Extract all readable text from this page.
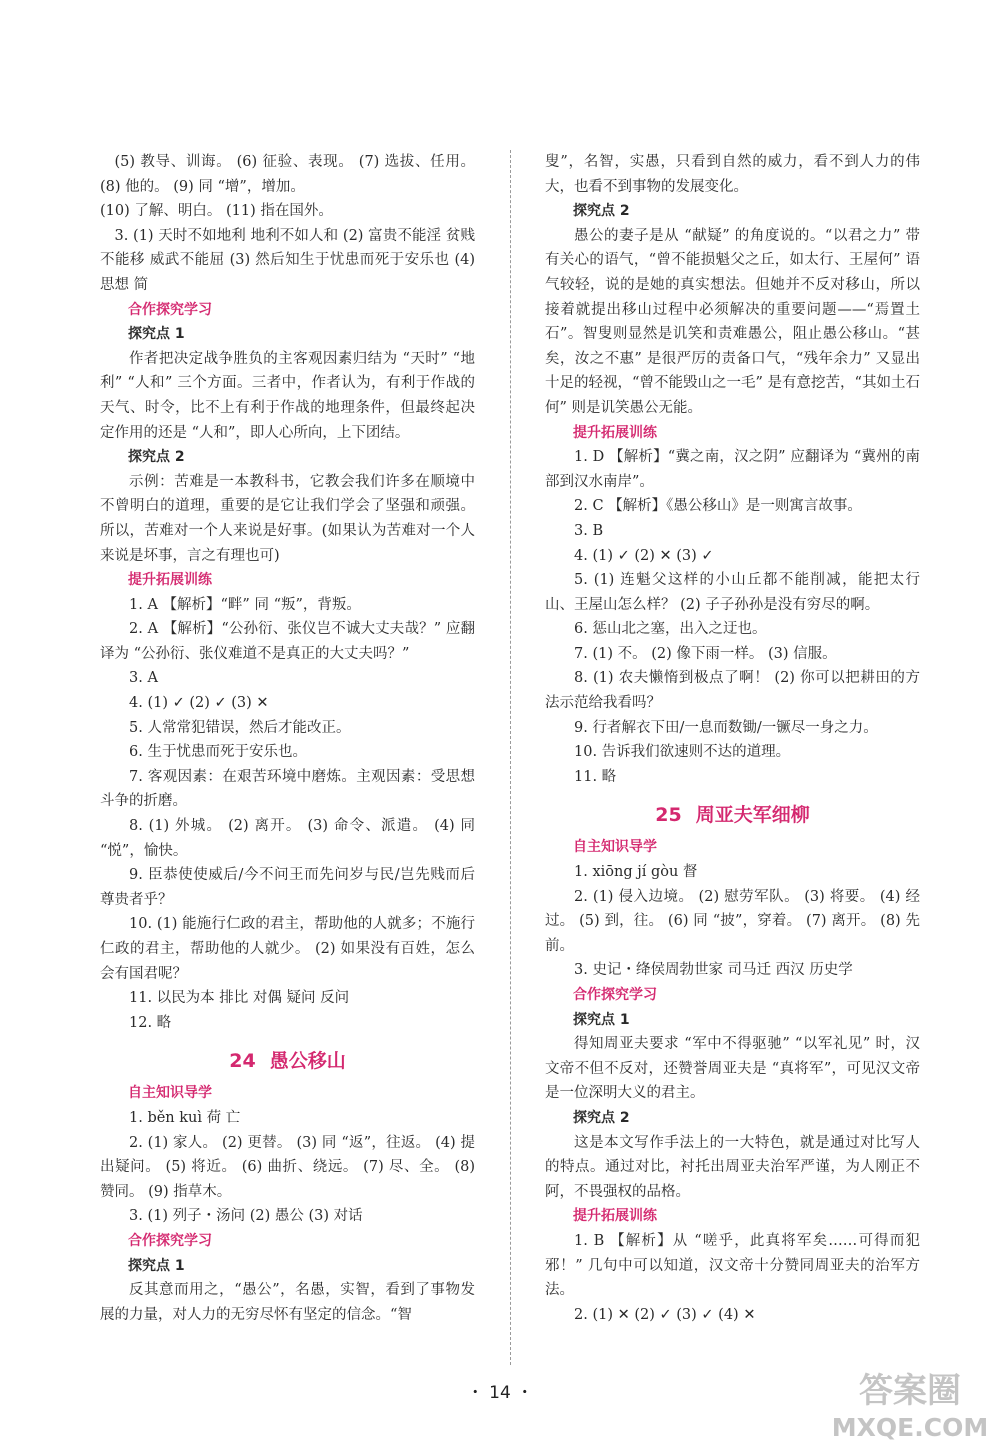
(5) 教导、训诲。 (6) 征验、表现。 (7) 选拔、任用。 (8) 他的。 (9) 同 “增”，增加。

(10) 了解、明白。 (11) 指在国外。

3. (1) 天时不如地利 地利不如人和 (2) 富贵不能淫 贫贱不能移 威武不能屈 (3) 然后知生于忧患而死于安乐也 (4) 思想 简

合作探究学习

探究点 1

作者把决定战争胜负的主客观因素归结为 “天时” “地利” “人和” 三个方面。三者中，作者认为，有利于作战的天气、时令，比不上有利于作战的地理条件，但最终起决定作用的还是 “人和”，即人心所向，上下团结。

探究点 2

示例：苦难是一本教科书，它教会我们许多在顺境中不曾明白的道理，重要的是它让我们学会了坚强和顽强。所以，苦难对一个人来说是好事。(如果认为苦难对一个人来说是坏事，言之有理也可)

提升拓展训练

1. A 【解析】“畔” 同 “叛”，背叛。

2. A 【解析】“公孙衍、张仪岂不诚大丈夫哉？” 应翻译为 “公孙衍、张仪难道不是真正的大丈夫吗？”

3. A

4. (1) ✓ (2) ✓ (3) ✕

5. 人常常犯错误，然后才能改正。

6. 生于忧患而死于安乐也。

7. 客观因素：在艰苦环境中磨炼。主观因素：受思想斗争的折磨。

8. (1) 外城。 (2) 离开。 (3) 命令、派遣。 (4) 同 “悦”，愉快。

9. 臣恭使使威后/今不问王而先问岁与民/岂先贱而后尊贵者乎？

10. (1) 能施行仁政的君主，帮助他的人就多；不施行仁政的君主，帮助他的人就少。 (2) 如果没有百姓，怎么会有国君呢？

11. 以民为本 排比 对偶 疑问 反问

12. 略

24 愚公移山

自主知识导学

1. běn kuì 荷 亡

2. (1) 家人。 (2) 更替。 (3) 同 “返”，往返。 (4) 提出疑问。 (5) 将近。 (6) 曲折、绕远。 (7) 尽、全。 (8) 赞同。 (9) 指草木。

3. (1) 列子・汤问 (2) 愚公 (3) 对话

合作探究学习

探究点 1

反其意而用之，“愚公”，名愚，实智，看到了事物发展的力量，对人力的无穷尽怀有坚定的信念。“智

叟”，名智，实愚，只看到自然的威力，看不到人力的伟大，也看不到事物的发展变化。

探究点 2

愚公的妻子是从 “献疑” 的角度说的。“以君之力” 带有关心的语气，“曾不能损魁父之丘，如太行、王屋何” 语气较轻，说的是她的真实想法。但她并不反对移山，所以接着就提出移山过程中必须解决的重要问题——“焉置土石”。智叟则显然是讥笑和责难愚公，阻止愚公移山。“甚矣，汝之不惠” 是很严厉的责备口气，“残年余力” 又显出十足的轻视，“曾不能毁山之一毛” 是有意挖苦，“其如土石何” 则是讥笑愚公无能。

提升拓展训练

1. D 【解析】“冀之南，汉之阴” 应翻译为 “冀州的南部到汉水南岸”。

2. C 【解析】《愚公移山》是一则寓言故事。

3. B

4. (1) ✓ (2) ✕ (3) ✓

5. (1) 连魁父这样的小山丘都不能削减，能把太行山、王屋山怎么样？ (2) 子子孙孙是没有穷尽的啊。

6. 惩山北之塞，出入之迂也。

7. (1) 不。 (2) 像下雨一样。 (3) 信服。

8. (1) 农夫懒惰到极点了啊！ (2) 你可以把耕田的方法示范给我看吗？

9. 行者解衣下田/一息而数锄/一镢尽一身之力。

10. 告诉我们欲速则不达的道理。

11. 略

25 周亚夫军细柳

自主知识导学

1. xiōng jí gòu 督

2. (1) 侵入边境。 (2) 慰劳军队。 (3) 将要。 (4) 经过。 (5) 到，往。 (6) 同 “披”，穿着。 (7) 离开。 (8) 先前。

3. 史记・绛侯周勃世家 司马迁 西汉 历史学

合作探究学习

探究点 1

得知周亚夫要求 “军中不得驱驰” “以军礼见” 时，汉文帝不但不反对，还赞誉周亚夫是 “真将军”，可见汉文帝是一位深明大义的君主。

探究点 2

这是本文写作手法上的一大特色，就是通过对比写人的特点。通过对比，衬托出周亚夫治军严谨，为人刚正不阿，不畏强权的品格。

提升拓展训练

1. B 【解析】从 “嗟乎，此真将军矣……可得而犯邪！” 几句中可以知道，汉文帝十分赞同周亚夫的治军方法。

2. (1) ✕ (2) ✓ (3) ✓ (4) ✕

・ 14 ・	答案圈
MXQE.COM
